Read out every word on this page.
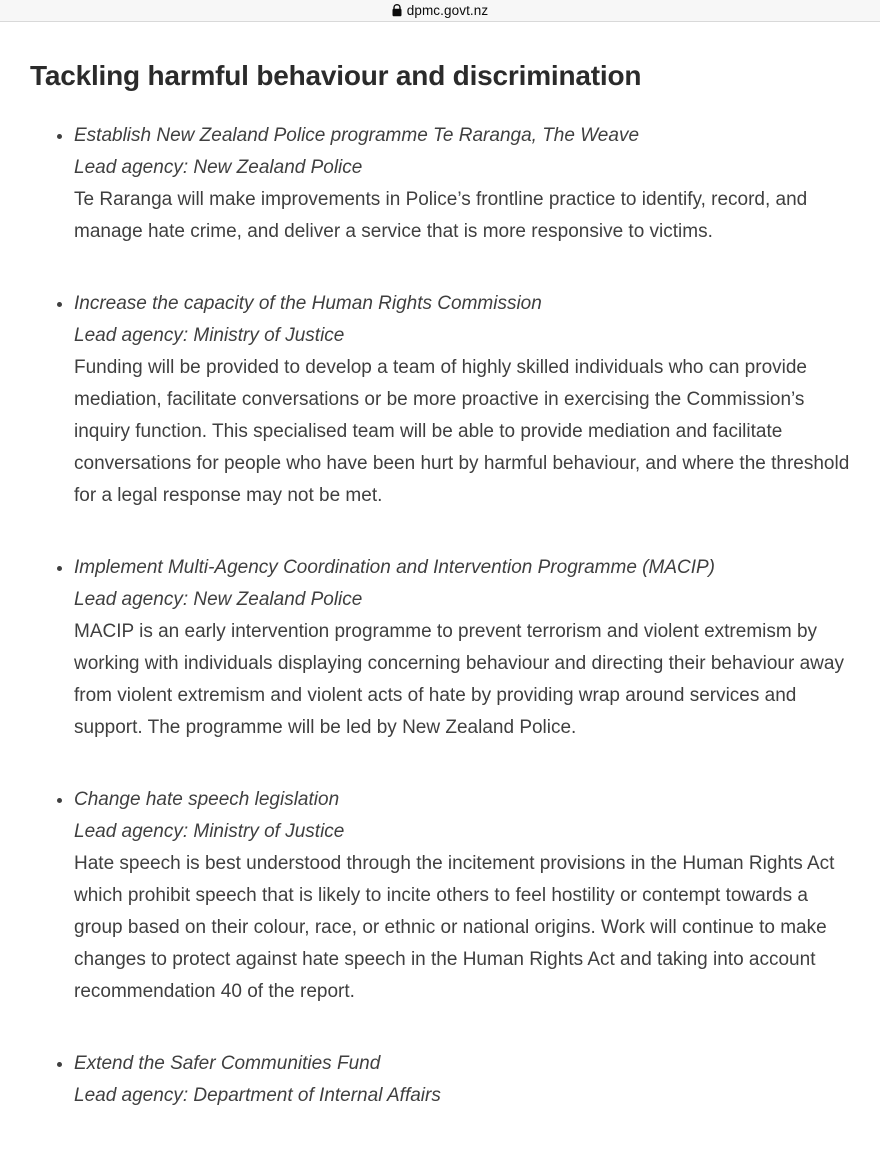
dpmc.govt.nz
Tackling harmful behaviour and discrimination
• Establish New Zealand Police programme Te Raranga, The Weave
Lead agency: New Zealand Police
Te Raranga will make improvements in Police’s frontline practice to identify, record, and manage hate crime, and deliver a service that is more responsive to victims.
• Increase the capacity of the Human Rights Commission
Lead agency: Ministry of Justice
Funding will be provided to develop a team of highly skilled individuals who can provide mediation, facilitate conversations or be more proactive in exercising the Commission’s inquiry function. This specialised team will be able to provide mediation and facilitate conversations for people who have been hurt by harmful behaviour, and where the threshold for a legal response may not be met.
• Implement Multi-Agency Coordination and Intervention Programme (MACIP)
Lead agency: New Zealand Police
MACIP is an early intervention programme to prevent terrorism and violent extremism by working with individuals displaying concerning behaviour and directing their behaviour away from violent extremism and violent acts of hate by providing wrap around services and support. The programme will be led by New Zealand Police.
• Change hate speech legislation
Lead agency: Ministry of Justice
Hate speech is best understood through the incitement provisions in the Human Rights Act which prohibit speech that is likely to incite others to feel hostility or contempt towards a group based on their colour, race, or ethnic or national origins. Work will continue to make changes to protect against hate speech in the Human Rights Act and taking into account recommendation 40 of the report.
• Extend the Safer Communities Fund
Lead agency: Department of Internal Affairs
